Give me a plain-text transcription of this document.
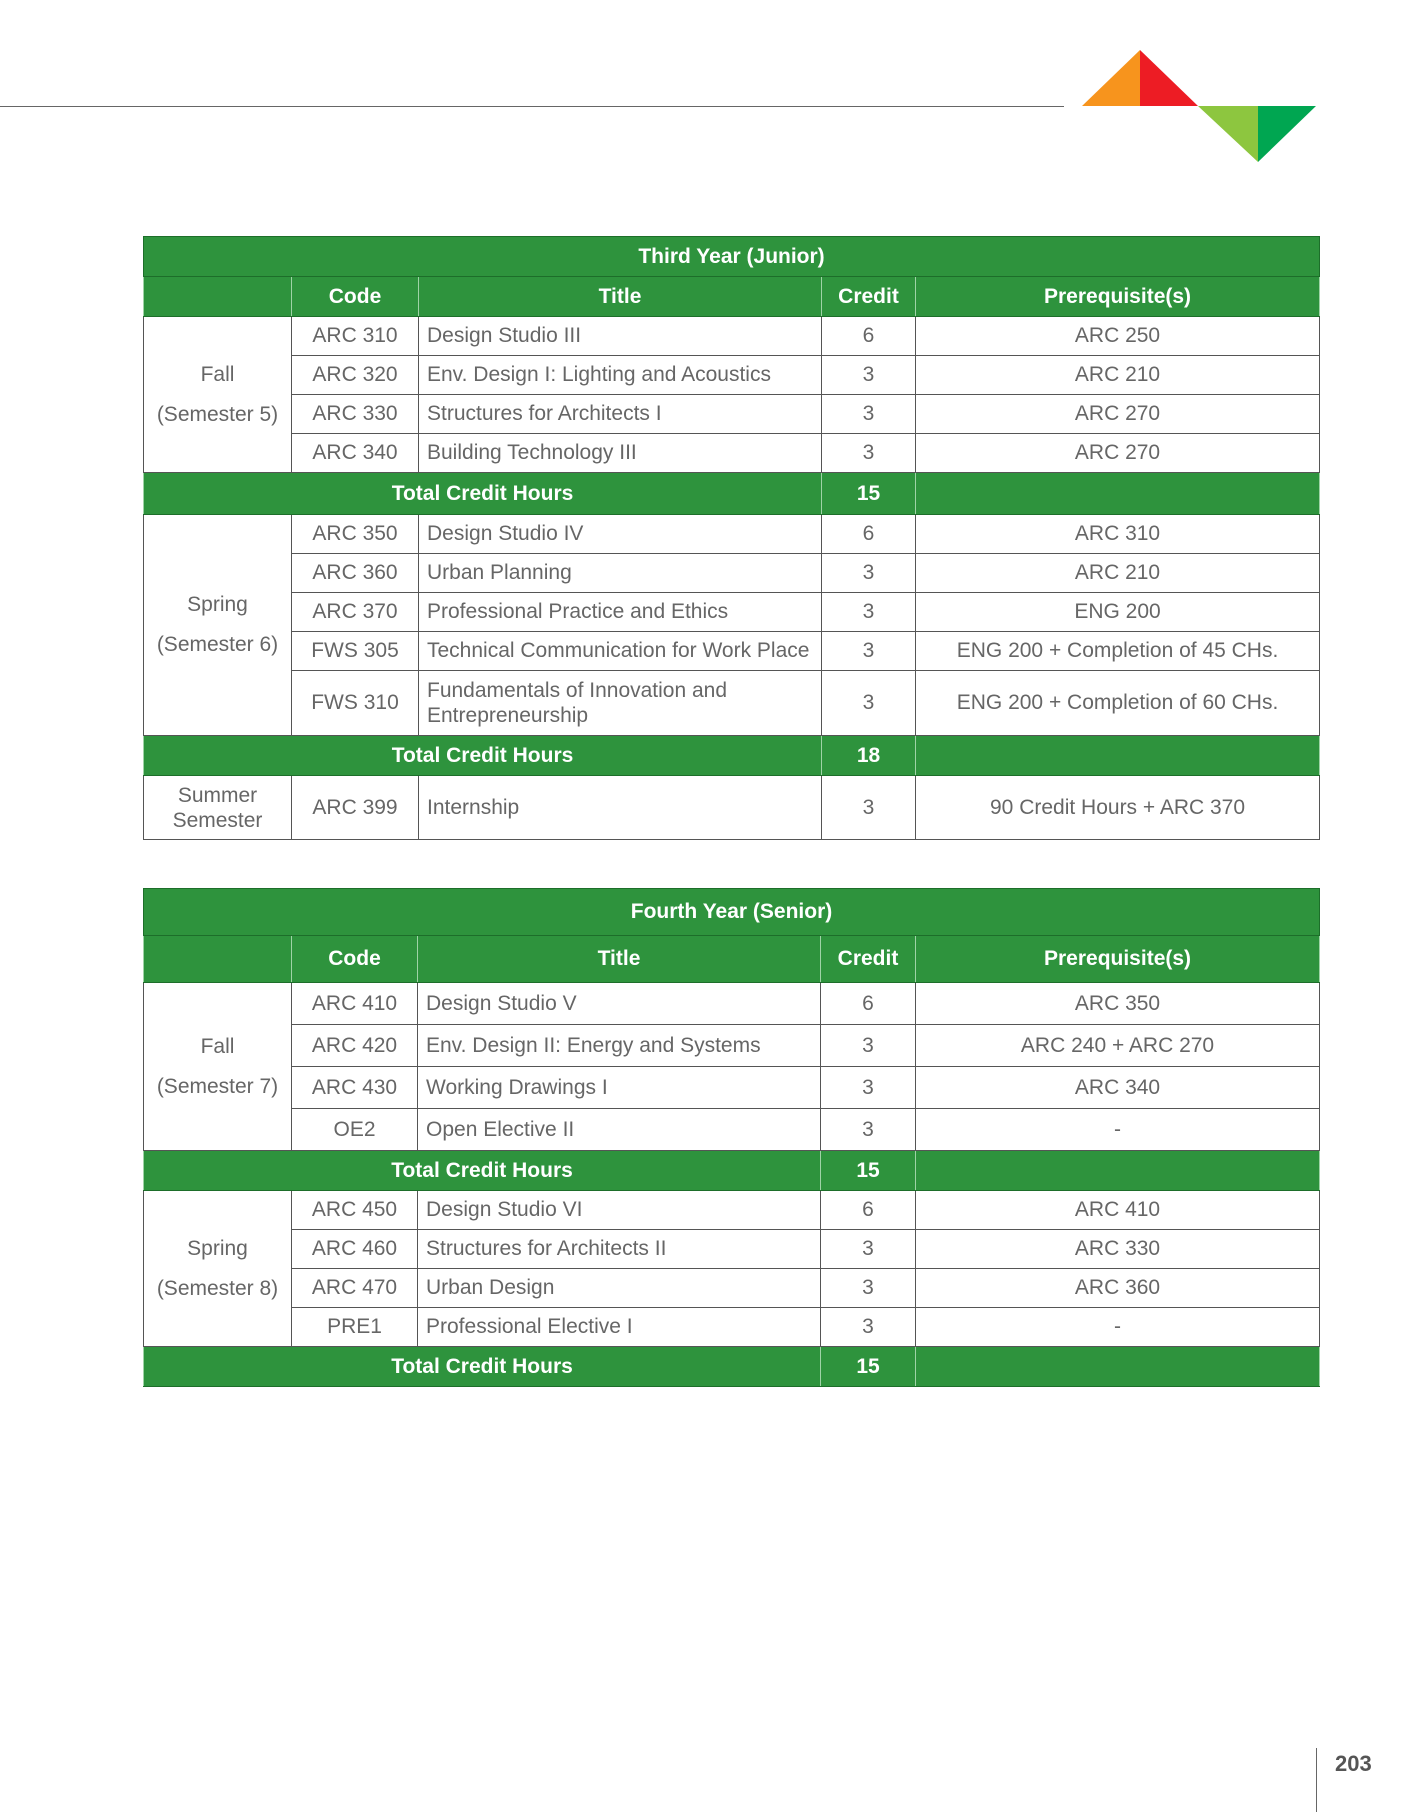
Third Year (Junior)				
	Code	Title	Credit	Prerequisite(s)

Fall
(Semester 5)	ARC 310	Design Studio III	6	ARC 250
	ARC 320	Env. Design I: Lighting and Acoustics	3	ARC 210
	ARC 330	Structures for Architects I	3	ARC 270
	ARC 340	Building Technology III	3	ARC 270
Total Credit Hours			15	

Spring
(Semester 6)	ARC 350	Design Studio IV	6	ARC 310
	ARC 360	Urban Planning	3	ARC 210
	ARC 370	Professional Practice and Ethics	3	ENG 200
	FWS 305	Technical Communication for Work Place	3	ENG 200 + Completion of 45 CHs.
	FWS 310	Fundamentals of Innovation and Entrepreneurship	3	ENG 200 + Completion of 60 CHs.
Total Credit Hours			18	

Summer
Semester	ARC 399	Internship	3	90 Credit Hours + ARC 370
Fourth Year (Senior)				
	Code	Title	Credit	Prerequisite(s)

Fall
(Semester 7)	ARC 410	Design Studio V	6	ARC 350
	ARC 420	Env. Design II: Energy and Systems	3	ARC 240 + ARC 270
	ARC 430	Working Drawings I	3	ARC 340
	OE2	Open Elective II	3	-
Total Credit Hours			15	

Spring
(Semester 8)	ARC 450	Design Studio VI	6	ARC 410
	ARC 460	Structures for Architects II	3	ARC 330
	ARC 470	Urban Design	3	ARC 360
	PRE1	Professional Elective I	3	-
Total Credit Hours			15	
203
